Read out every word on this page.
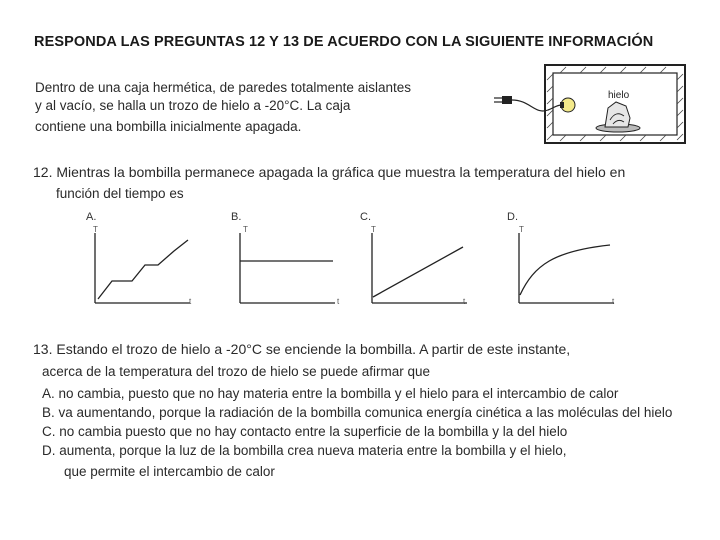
RESPONDA LAS PREGUNTAS 12 Y 13 DE ACUERDO CON LA SIGUIENTE INFORMACIÓN
Dentro de una caja hermética, de paredes totalmente aislantes
y al vacío, se halla un trozo de hielo a -20°C. La caja
contiene una bombilla inicialmente apagada.
hielo
12. Mientras la bombilla permanece apagada la gráfica que muestra la temperatura del hielo en
función del tiempo es
A.	B.	C.	D.
T
t
T
t
T
t
T
t
13. Estando el trozo de hielo a -20°C se enciende la bombilla. A partir de este instante,
acerca de la temperatura del trozo de hielo se puede afirmar que
A. no cambia, puesto que no hay materia entre la bombilla y el hielo para el intercambio de calor
B. va aumentando, porque la radiación de la bombilla comunica energía cinética a las moléculas del hielo
C. no cambia puesto que no hay contacto entre la superficie de la bombilla y la del hielo
D. aumenta, porque la luz de la bombilla crea nueva materia entre la bombilla y el hielo,
que permite el intercambio de calor
